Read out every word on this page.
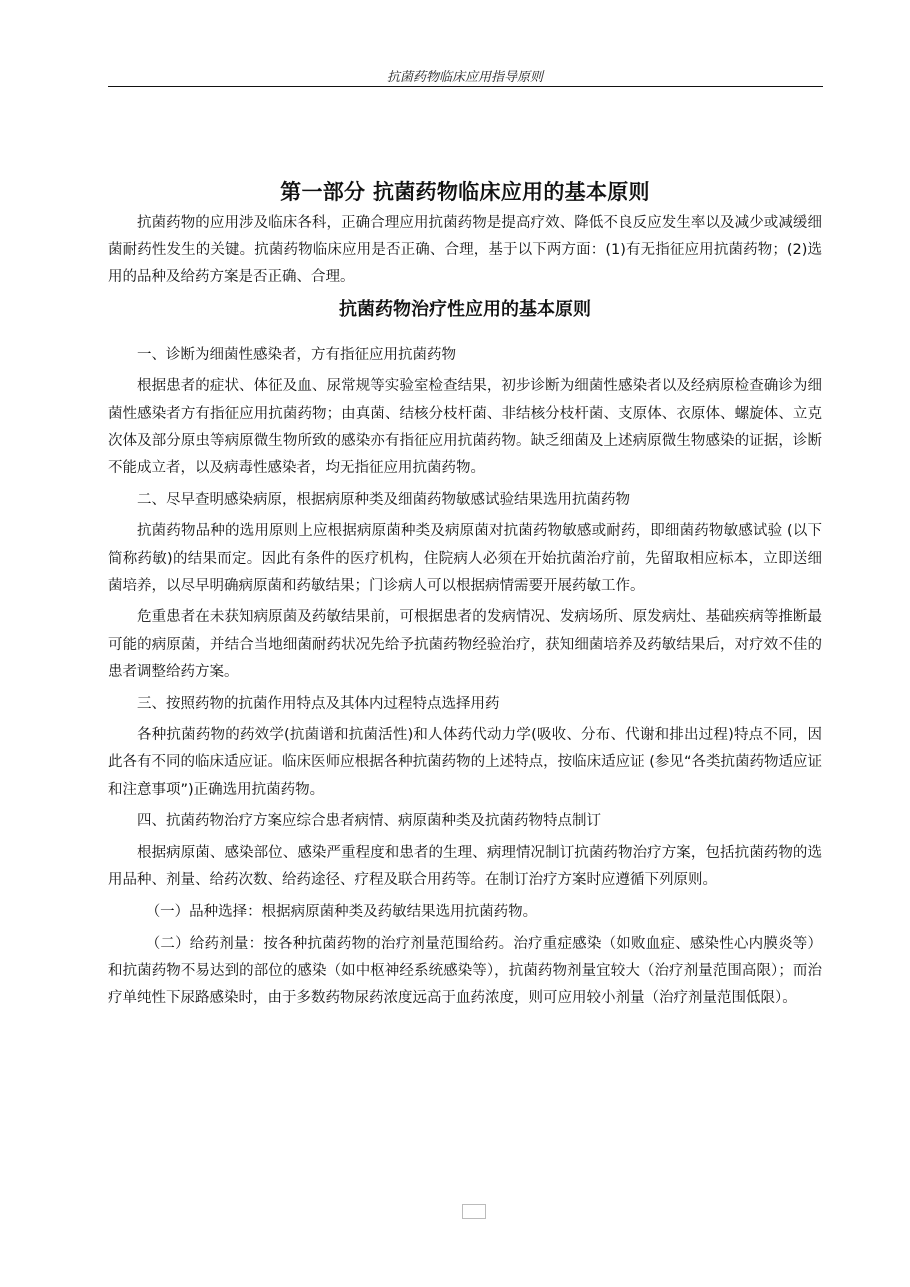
抗菌药物临床应用指导原则
第一部分 抗菌药物临床应用的基本原则

抗菌药物的应用涉及临床各科，正确合理应用抗菌药物是提高疗效、降低不良反应发生率以及减少或减缓细菌耐药性发生的关键。抗菌药物临床应用是否正确、合理，基于以下两方面：(1)有无指征应用抗菌药物；(2)选用的品种及给药方案是否正确、合理。

抗菌药物治疗性应用的基本原则

一、诊断为细菌性感染者，方有指征应用抗菌药物

根据患者的症状、体征及血、尿常规等实验室检查结果，初步诊断为细菌性感染者以及经病原检查确诊为细菌性感染者方有指征应用抗菌药物；由真菌、结核分枝杆菌、非结核分枝杆菌、支原体、衣原体、螺旋体、立克次体及部分原虫等病原微生物所致的感染亦有指征应用抗菌药物。缺乏细菌及上述病原微生物感染的证据，诊断不能成立者，以及病毒性感染者，均无指征应用抗菌药物。

二、尽早查明感染病原，根据病原种类及细菌药物敏感试验结果选用抗菌药物

抗菌药物品种的选用原则上应根据病原菌种类及病原菌对抗菌药物敏感或耐药，即细菌药物敏感试验 (以下简称药敏)的结果而定。因此有条件的医疗机构，住院病人必须在开始抗菌治疗前，先留取相应标本，立即送细菌培养，以尽早明确病原菌和药敏结果；门诊病人可以根据病情需要开展药敏工作。

危重患者在未获知病原菌及药敏结果前，可根据患者的发病情况、发病场所、原发病灶、基础疾病等推断最可能的病原菌，并结合当地细菌耐药状况先给予抗菌药物经验治疗，获知细菌培养及药敏结果后，对疗效不佳的患者调整给药方案。

三、按照药物的抗菌作用特点及其体内过程特点选择用药

各种抗菌药物的药效学(抗菌谱和抗菌活性)和人体药代动力学(吸收、分布、代谢和排出过程)特点不同，因此各有不同的临床适应证。临床医师应根据各种抗菌药物的上述特点，按临床适应证 (参见“各类抗菌药物适应证和注意事项”)正确选用抗菌药物。

四、抗菌药物治疗方案应综合患者病情、病原菌种类及抗菌药物特点制订

根据病原菌、感染部位、感染严重程度和患者的生理、病理情况制订抗菌药物治疗方案，包括抗菌药物的选用品种、剂量、给药次数、给药途径、疗程及联合用药等。在制订治疗方案时应遵循下列原则。

（一）品种选择：根据病原菌种类及药敏结果选用抗菌药物。

（二）给药剂量：按各种抗菌药物的治疗剂量范围给药。治疗重症感染（如败血症、感染性心内膜炎等）和抗菌药物不易达到的部位的感染（如中枢神经系统感染等），抗菌药物剂量宜较大（治疗剂量范围高限）；而治疗单纯性下尿路感染时，由于多数药物尿药浓度远高于血药浓度，则可应用较小剂量（治疗剂量范围低限）。
